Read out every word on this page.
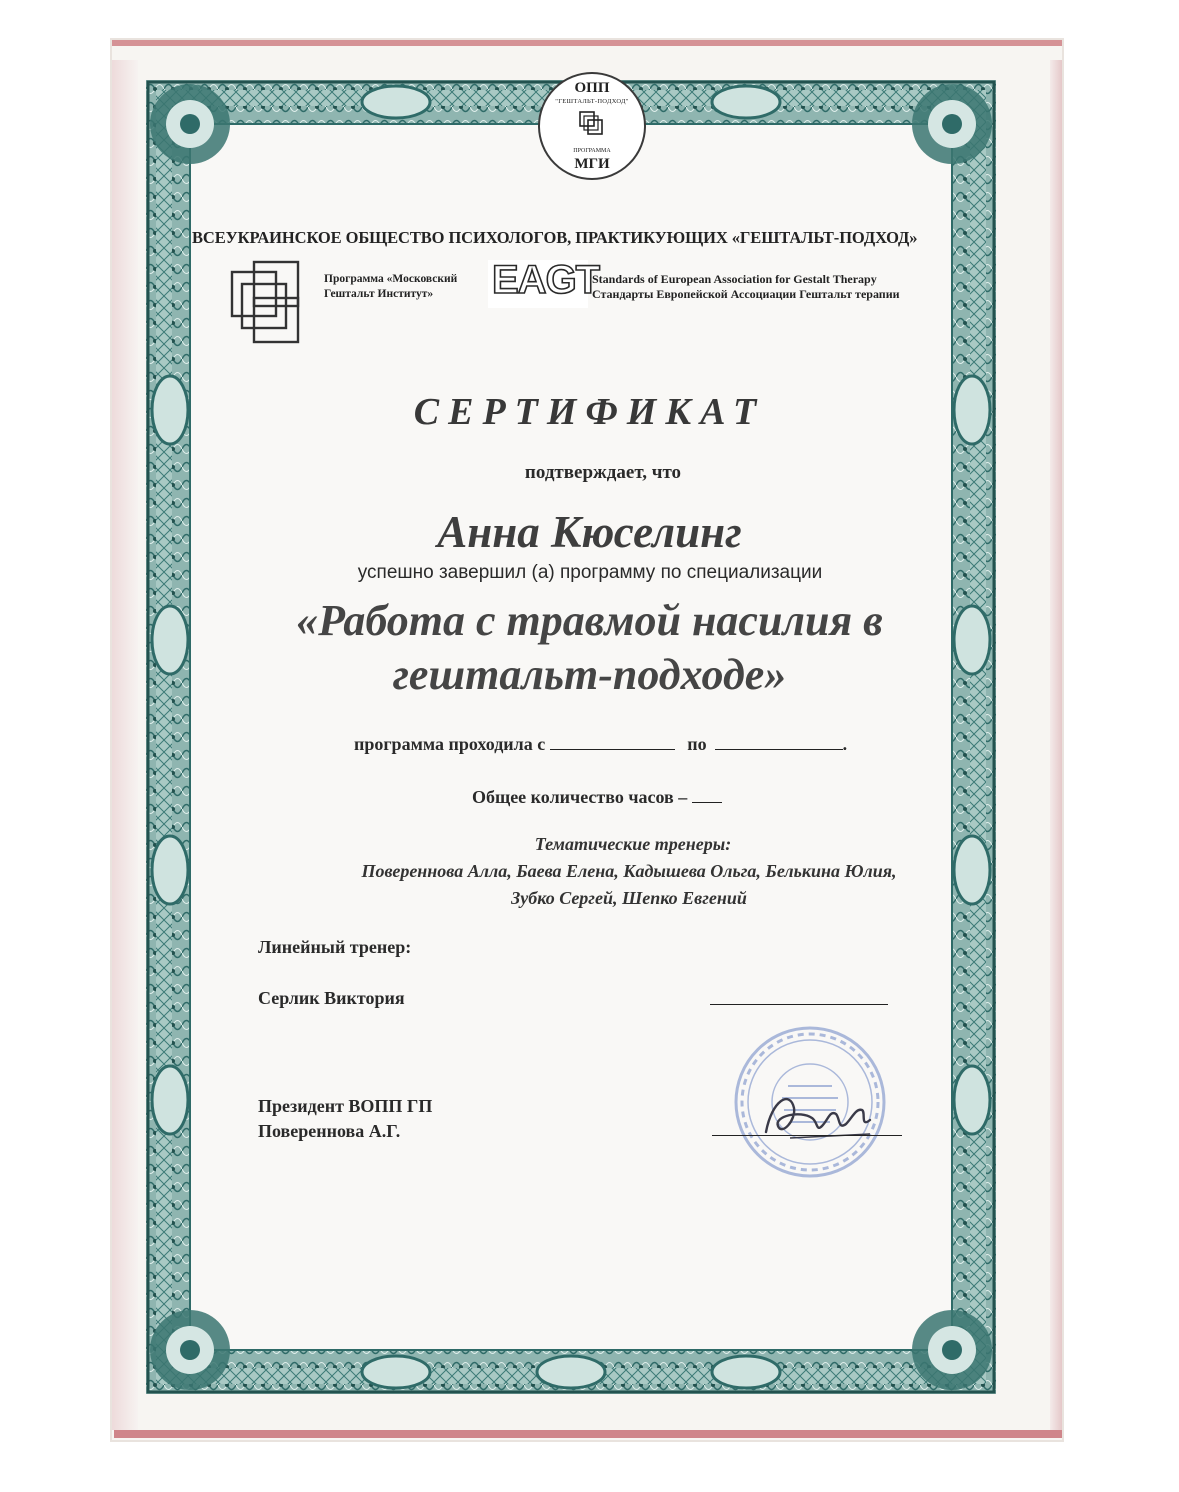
ОПП
"ГЕШТАЛЬТ-ПОДХОД"
ПРОГРАММА
МГИ
ВСЕУКРАИНСКОЕ ОБЩЕСТВО ПСИХОЛОГОВ, ПРАКТИКУЮЩИХ «ГЕШТАЛЬТ-ПОДХОД»
Программа «Московский
Гештальт Институт»	EAGT
Standards of European Association for Gestalt Therapy
Стандарты Европейской Ассоциации Гештальт терапии
СЕРТИФИКАТ
подтверждает, что
Анна Кюселинг
успешно завершил (а) программу по специализации
«Работа с травмой насилия в
гештальт-подходе»
программа проходила с	по	.
Общее количество часов –
Тематические тренеры:
Повереннова Алла, Баева Елена, Кадышева Ольга, Белькина Юлия,
Зубко Сергей, Шепко Евгений
Линейный тренер:
Серлик Виктория
Президент ВОПП ГП
Повереннова А.Г.
